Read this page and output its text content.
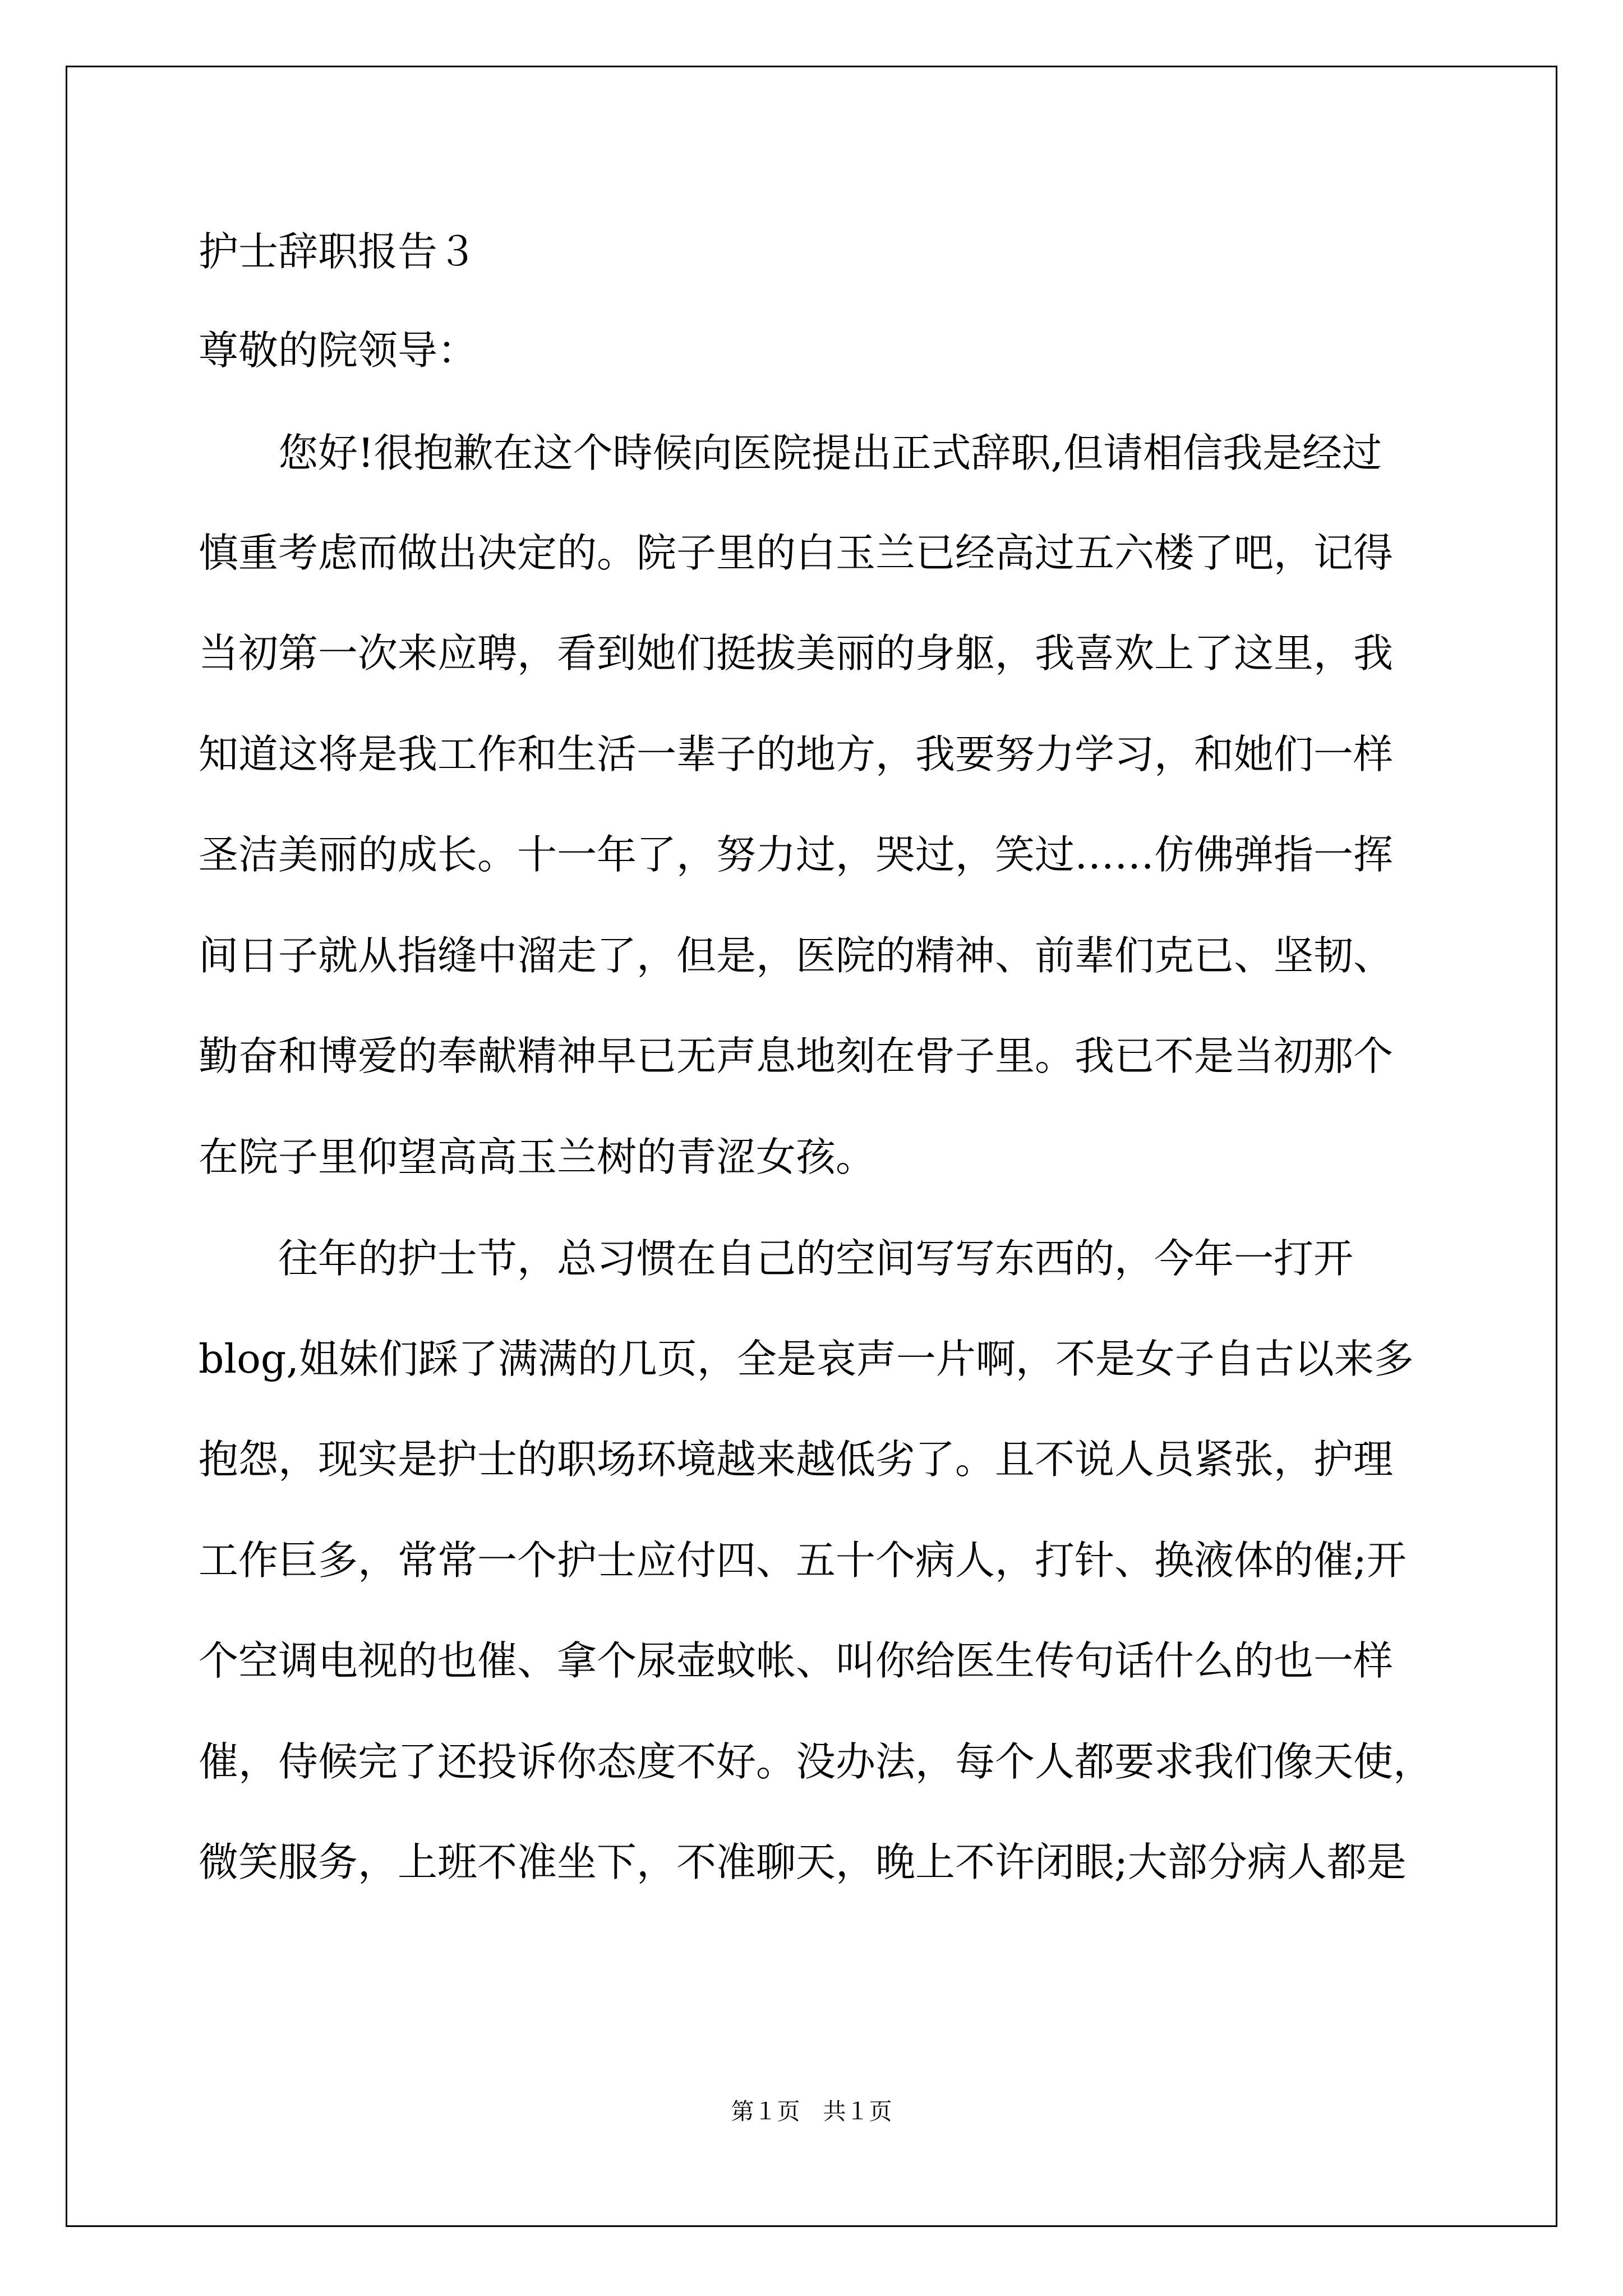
护士辞职报告３
尊敬的院领导：
　　您好!很抱歉在这个時候向医院提出正式辞职,但请相信我是经过
慎重考虑而做出决定的。院子里的白玉兰已经高过五六楼了吧，记得
当初第一次来应聘，看到她们挺拔美丽的身躯，我喜欢上了这里，我
知道这将是我工作和生活一辈子的地方，我要努力学习，和她们一样
圣洁美丽的成长。十一年了，努力过，哭过，笑过……仿佛弹指一挥
间日子就从指缝中溜走了，但是，医院的精神、前辈们克已、坚韧、
勤奋和博爱的奉献精神早已无声息地刻在骨子里。我已不是当初那个
在院子里仰望高高玉兰树的青涩女孩。
　　往年的护士节，总习惯在自己的空间写写东西的，今年一打开
blog,姐妹们踩了满满的几页，全是哀声一片啊，不是女子自古以来多
抱怨，现实是护士的职场环境越来越低劣了。且不说人员紧张，护理
工作巨多，常常一个护士应付四、五十个病人，打针、换液体的催;开
个空调电视的也催、拿个尿壶蚊帐、叫你给医生传句话什么的也一样
催，侍候完了还投诉你态度不好。没办法，每个人都要求我们像天使，
微笑服务，上班不准坐下，不准聊天，晚上不许闭眼;大部分病人都是
第１页　共１页
